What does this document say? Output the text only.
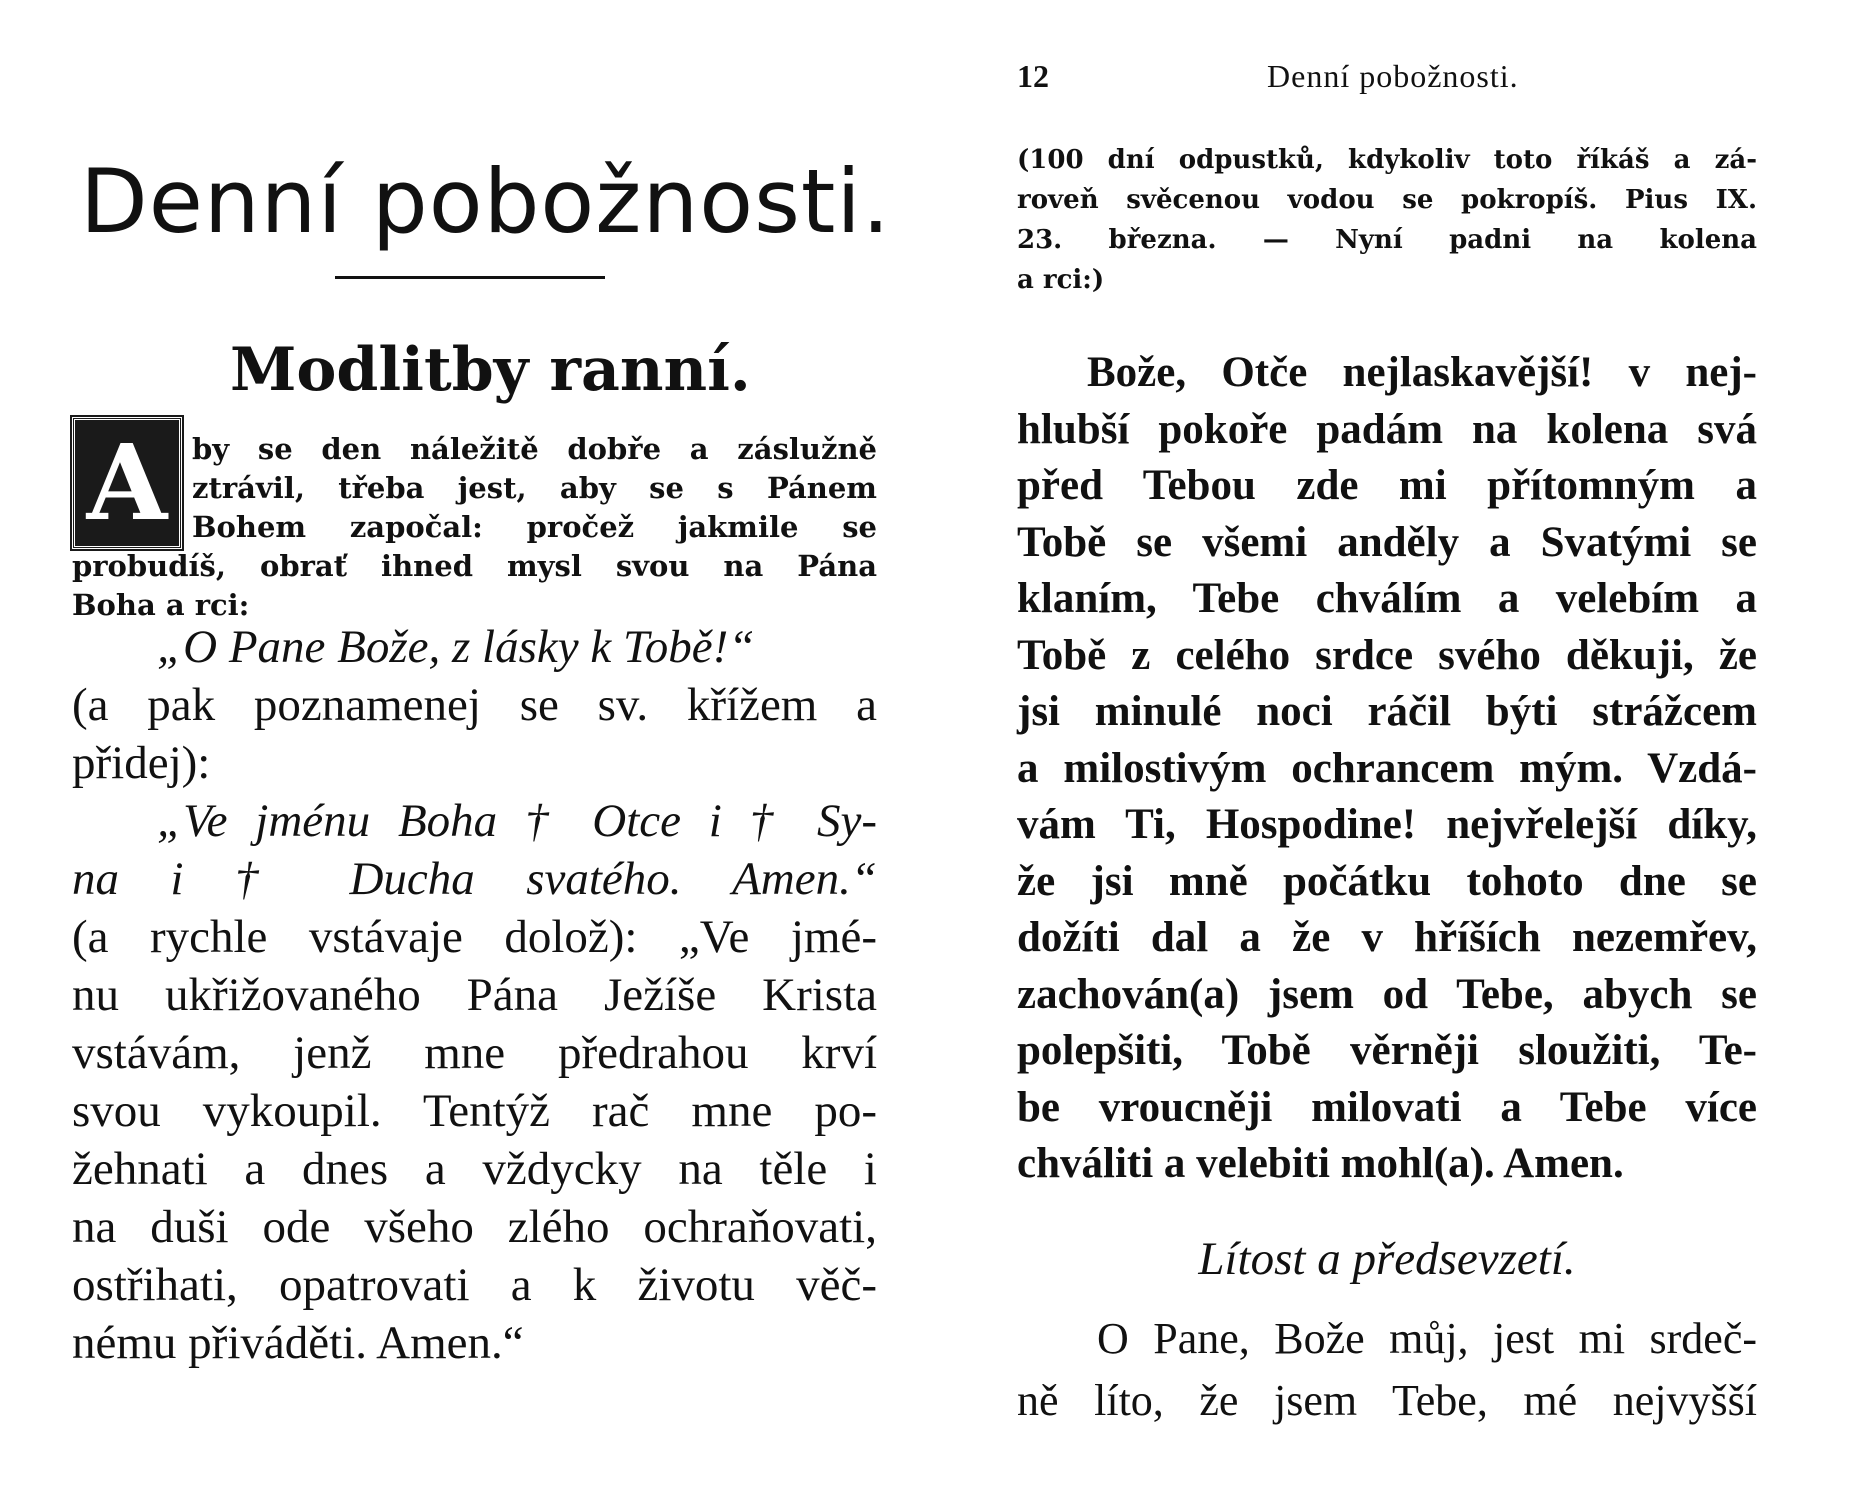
Denní pobožnosti.
Modlitby ranní.
A by se den náležitě dobře a záslužně
ztrávil, třeba jest, aby se s Pánem
Bohem započal: pročež jakmile se
probudíš, obrať ihned mysl svou na Pána
Boha a rci:
„O Pane Bože, z lásky k Tobě!“
(a pak poznamenej se sv. křížem a
přidej):
„Ve jménu Boha † Otce i † Sy-
na i † Ducha svatého. Amen.“
(a rychle vstávaje dolož): „Ve jmé-
nu ukřižovaného Pána Ježíše Krista
vstávám, jenž mne předrahou krví
svou vykoupil. Tentýž rač mne po-
žehnati a dnes a vždycky na těle i
na duši ode všeho zlého ochraňovati,
ostřihati, opatrovati a k životu věč-
nému přiváděti. Amen.“
12	Denní pobožnosti.
(100 dní odpustků, kdykoliv toto říkáš a zá-
roveň svěcenou vodou se pokropíš. Pius IX.
23. března. — Nyní padni na kolena
a rci:)
Bože, Otče nejlaskavější! v nej-
hlubší pokoře padám na kolena svá
před Tebou zde mi přítomným a
Tobě se všemi anděly a Svatými se
klaním, Tebe chválím a velebím a
Tobě z celého srdce svého děkuji, že
jsi minulé noci ráčil býti strážcem
a milostivým ochrancem mým. Vzdá-
vám Ti, Hospodine! nejvřelejší díky,
že jsi mně počátku tohoto dne se
dožíti dal a že v hříších nezemřev,
zachován(a) jsem od Tebe, abych se
polepšiti, Tobě věrněji sloužiti, Te-
be vroucněji milovati a Tebe více
chváliti a velebiti mohl(a). Amen.
Lítost a předsevzetí.
O Pane, Bože můj, jest mi srdeč-
ně líto, že jsem Tebe, mé nejvyšší
